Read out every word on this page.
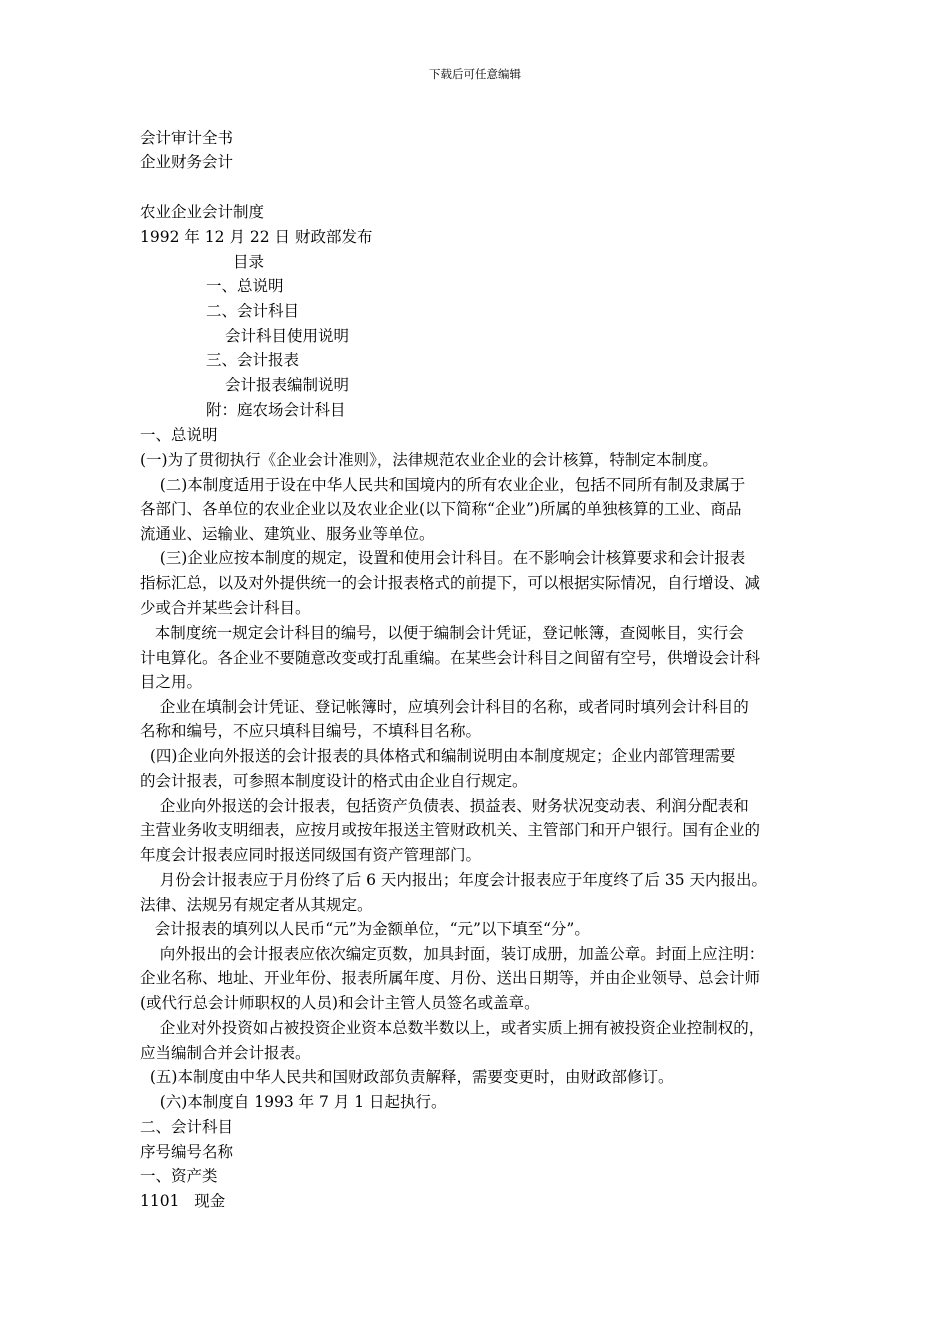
下载后可任意编辑
会计审计全书
企业财务会计
农业企业会计制度
1992 年 12 月 22 日 财政部发布
目录
一、总说明
二、会计科目
会计科目使用说明
三、会计报表
会计报表编制说明
附：庭农场会计科目
一、总说明
(一)为了贯彻执行《企业会计准则》，法律规范农业企业的会计核算，特制定本制度。
(二)本制度适用于设在中华人民共和国境内的所有农业企业，包括不同所有制及隶属于
各部门、各单位的农业企业以及农业企业(以下简称“企业”)所属的单独核算的工业、商品
流通业、运输业、建筑业、服务业等单位。
(三)企业应按本制度的规定，设置和使用会计科目。在不影响会计核算要求和会计报表
指标汇总，以及对外提供统一的会计报表格式的前提下，可以根据实际情况，自行增设、减
少或合并某些会计科目。
本制度统一规定会计科目的编号，以便于编制会计凭证，登记帐簿，查阅帐目，实行会
计电算化。各企业不要随意改变或打乱重编。在某些会计科目之间留有空号，供增设会计科
目之用。
企业在填制会计凭证、登记帐簿时，应填列会计科目的名称，或者同时填列会计科目的
名称和编号，不应只填科目编号，不填科目名称。
(四)企业向外报送的会计报表的具体格式和编制说明由本制度规定；企业内部管理需要
的会计报表，可参照本制度设计的格式由企业自行规定。
企业向外报送的会计报表，包括资产负债表、损益表、财务状况变动表、利润分配表和
主营业务收支明细表，应按月或按年报送主管财政机关、主管部门和开户银行。国有企业的
年度会计报表应同时报送同级国有资产管理部门。
月份会计报表应于月份终了后 6 天内报出；年度会计报表应于年度终了后 35 天内报出。
法律、法规另有规定者从其规定。
会计报表的填列以人民币“元”为金额单位，“元”以下填至“分”。
向外报出的会计报表应依次编定页数，加具封面，装订成册，加盖公章。封面上应注明：
企业名称、地址、开业年份、报表所属年度、月份、送出日期等，并由企业领导、总会计师
(或代行总会计师职权的人员)和会计主管人员签名或盖章。
企业对外投资如占被投资企业资本总数半数以上，或者实质上拥有被投资企业控制权的，
应当编制合并会计报表。
(五)本制度由中华人民共和国财政部负责解释，需要变更时，由财政部修订。
(六)本制度自 1993 年 7 月 1 日起执行。
二、会计科目
序号编号名称
一、资产类
1101   现金
